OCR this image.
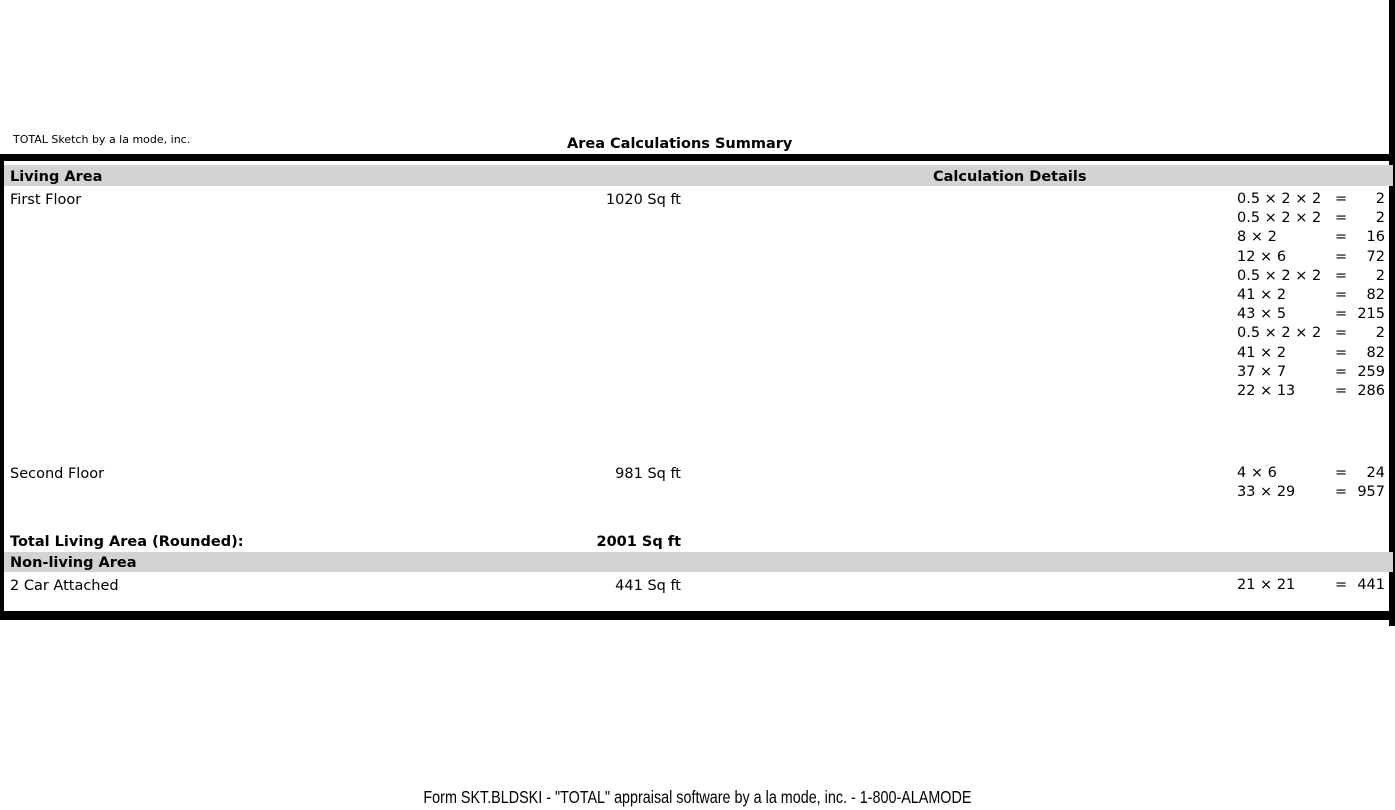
TOTAL Sketch by a la mode, inc.	Area Calculations Summary
Living Area	Calculation Details
First Floor	1020 Sq ft	0.5 × 2 × 2 = 2
0.5 × 2 × 2 = 2
8 × 2	= 16
12 × 6	= 72
0.5 × 2 × 2 = 2
41 × 2	= 82
43 × 5	= 215
0.5 × 2 × 2 = 2
41 × 2	= 82
37 × 7	= 259
22 × 13	= 286
Second Floor	981 Sq ft	4 × 6	= 24
33 × 29	= 957
Total Living Area (Rounded):	2001 Sq ft
Non-living Area
2 Car Attached	441 Sq ft	21 × 21	= 441
Form SKT.BLDSKI - "TOTAL" appraisal software by a la mode, inc. - 1-800-ALAMODE
